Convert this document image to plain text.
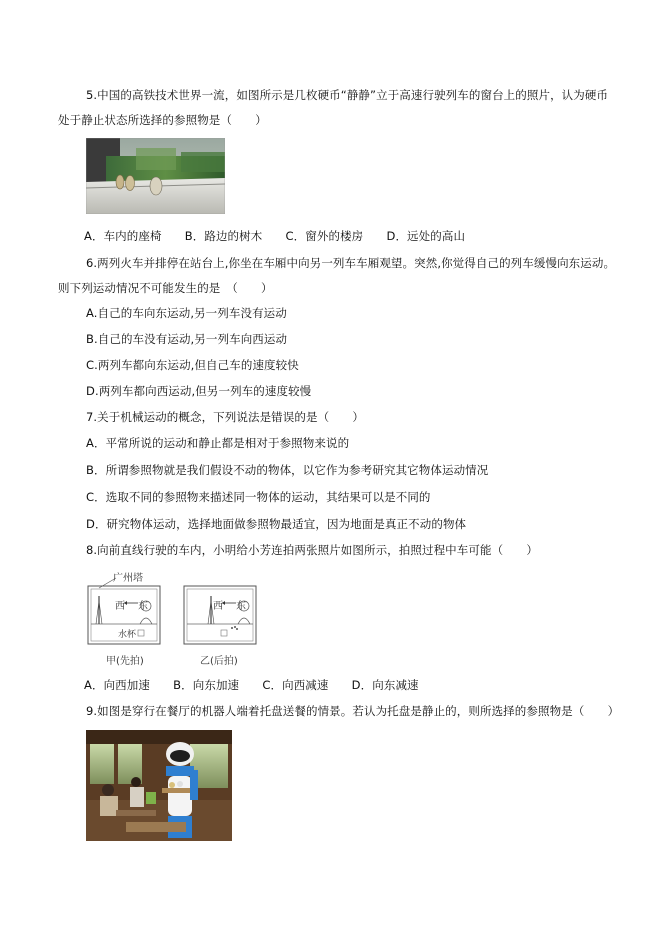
5.中国的高铁技术世界一流，如图所示是几枚硬币“静静”立于高速行驶列车的窗台上的照片，认为硬币
处于静止状态所选择的参照物是（　　）
A．车内的座椅　　B．路边的树木　　C．窗外的楼房　　D．远处的高山
6.两列火车并排停在站台上,你坐在车厢中向另一列车车厢观望。突然,你觉得自己的列车缓慢向东运动。
则下列运动情况不可能发生的是　（　　）
A.自己的车向东运动,另一列车没有运动
B.自己的车没有运动,另一列车向西运动
C.两列车都向东运动,但自己车的速度较快
D.两列车都向西运动,但另一列车的速度较慢
7.关于机械运动的概念，下列说法是错误的是（　　）
A．平常所说的运动和静止都是相对于参照物来说的
B．所谓参照物就是我们假设不动的物体，以它作为参考研究其它物体运动情况
C．选取不同的参照物来描述同一物体的运动，其结果可以是不同的
D．研究物体运动，选择地面做参照物最适宜，因为地面是真正不动的物体
8.向前直线行驶的车内，小明给小芳连拍两张照片如图所示，拍照过程中车可能（　　）
广州塔
西 东
水杯
西 东
甲(先拍)	乙(后拍)
A．向西加速　　B．向东加速　　C．向西减速　　D．向东减速
9.如图是穿行在餐厅的机器人端着托盘送餐的情景。若认为托盘是静止的，则所选择的参照物是（　　）
